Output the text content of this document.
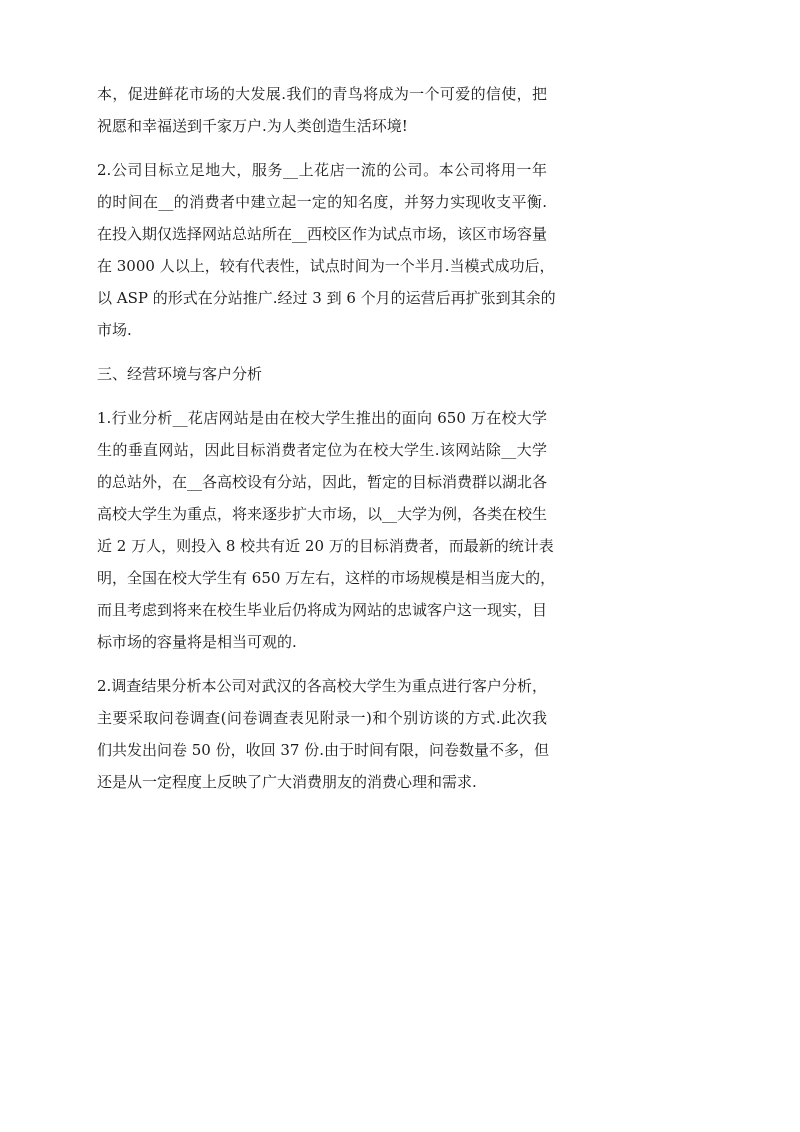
本，促进鲜花市场的大发展.我们的青鸟将成为一个可爱的信使，把
祝愿和幸福送到千家万户.为人类创造生活环境!
2.公司目标立足地大，服务__上花店一流的公司。本公司将用一年
的时间在__的消费者中建立起一定的知名度，并努力实现收支平衡.
在投入期仅选择网站总站所在__西校区作为试点市场，该区市场容量
在 3000 人以上，较有代表性，试点时间为一个半月.当模式成功后，
以 ASP 的形式在分站推广.经过 3 到 6 个月的运营后再扩张到其余的
市场.
三、经营环境与客户分析
1.行业分析__花店网站是由在校大学生推出的面向 650 万在校大学
生的垂直网站，因此目标消费者定位为在校大学生.该网站除__大学
的总站外，在__各高校设有分站，因此，暂定的目标消费群以湖北各
高校大学生为重点，将来逐步扩大市场，以__大学为例，各类在校生
近 2 万人，则投入 8 校共有近 20 万的目标消费者，而最新的统计表
明，全国在校大学生有 650 万左右，这样的市场规模是相当庞大的，
而且考虑到将来在校生毕业后仍将成为网站的忠诚客户这一现实，目
标市场的容量将是相当可观的.
2.调查结果分析本公司对武汉的各高校大学生为重点进行客户分析，
主要采取问卷调查(问卷调查表见附录一)和个别访谈的方式.此次我
们共发出问卷 50 份，收回 37 份.由于时间有限，问卷数量不多，但
还是从一定程度上反映了广大消费朋友的消费心理和需求.
